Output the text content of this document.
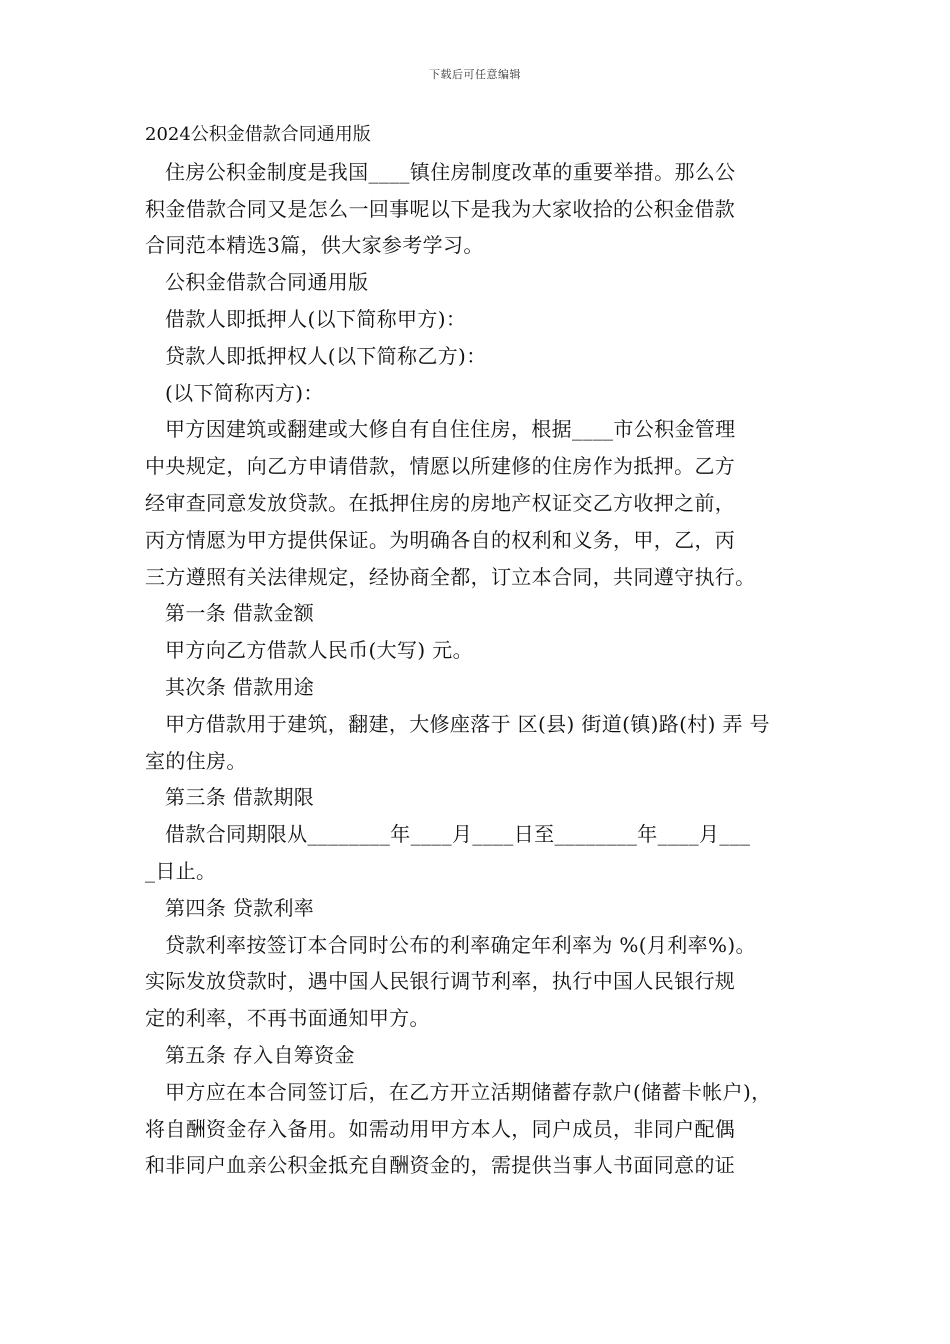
下载后可任意编辑
2024公积金借款合同通用版
住房公积金制度是我国____镇住房制度改革的重要举措。那么公
积金借款合同又是怎么一回事呢以下是我为大家收拾的公积金借款
合同范本精选3篇，供大家参考学习。
公积金借款合同通用版
借款人即抵押人(以下简称甲方)：
贷款人即抵押权人(以下简称乙方)：
(以下简称丙方)：
甲方因建筑或翻建或大修自有自住住房，根据____市公积金管理
中央规定，向乙方申请借款，情愿以所建修的住房作为抵押。乙方
经审查同意发放贷款。在抵押住房的房地产权证交乙方收押之前，
丙方情愿为甲方提供保证。为明确各自的权利和义务，甲，乙，丙
三方遵照有关法律规定，经协商全都，订立本合同，共同遵守执行。
第一条 借款金额
甲方向乙方借款人民币(大写) 元。
其次条 借款用途
甲方借款用于建筑，翻建，大修座落于 区(县) 街道(镇)路(村) 弄 号
室的住房。
第三条 借款期限
借款合同期限从________年____月____日至________年____月___
_日止。
第四条 贷款利率
贷款利率按签订本合同时公布的利率确定年利率为 %(月利率%)。
实际发放贷款时，遇中国人民银行调节利率，执行中国人民银行规
定的利率，不再书面通知甲方。
第五条 存入自筹资金
甲方应在本合同签订后，在乙方开立活期储蓄存款户(储蓄卡帐户)，
将自酬资金存入备用。如需动用甲方本人，同户成员，非同户配偶
和非同户血亲公积金抵充自酬资金的，需提供当事人书面同意的证
